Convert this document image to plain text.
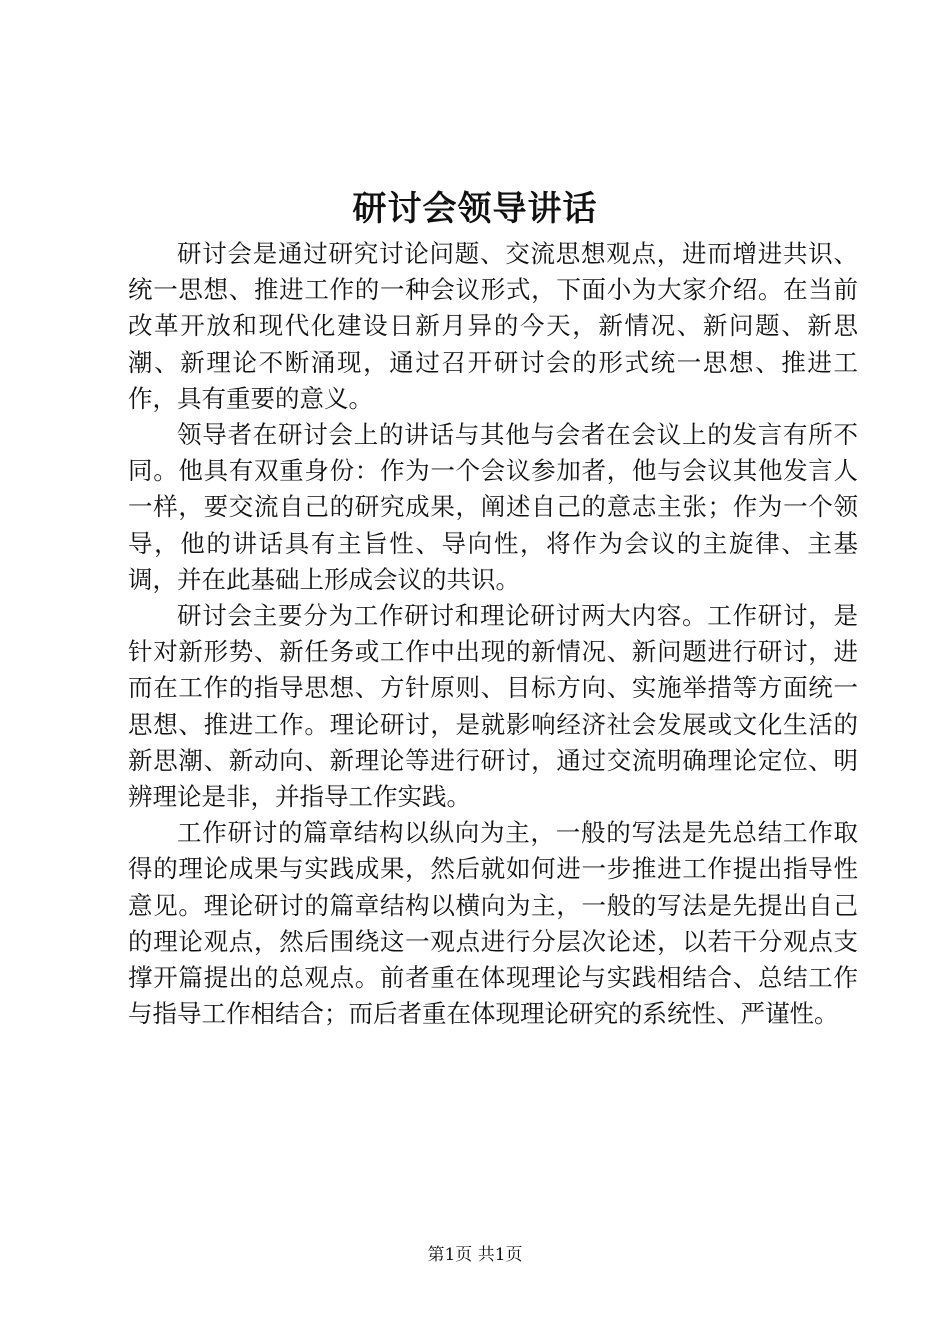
研讨会领导讲话

研讨会是通过研究讨论问题、交流思想观点，进而增进共识、统一思想、推进工作的一种会议形式，下面小为大家介绍。在当前改革开放和现代化建设日新月异的今天，新情况、新问题、新思潮、新理论不断涌现，通过召开研讨会的形式统一思想、推进工作，具有重要的意义。

领导者在研讨会上的讲话与其他与会者在会议上的发言有所不同。他具有双重身份：作为一个会议参加者，他与会议其他发言人一样，要交流自己的研究成果，阐述自己的意志主张；作为一个领导，他的讲话具有主旨性、导向性，将作为会议的主旋律、主基调，并在此基础上形成会议的共识。

研讨会主要分为工作研讨和理论研讨两大内容。工作研讨，是针对新形势、新任务或工作中出现的新情况、新问题进行研讨，进而在工作的指导思想、方针原则、目标方向、实施举措等方面统一思想、推进工作。理论研讨，是就影响经济社会发展或文化生活的新思潮、新动向、新理论等进行研讨，通过交流明确理论定位、明辨理论是非，并指导工作实践。

工作研讨的篇章结构以纵向为主，一般的写法是先总结工作取得的理论成果与实践成果，然后就如何进一步推进工作提出指导性意见。理论研讨的篇章结构以横向为主，一般的写法是先提出自己的理论观点，然后围绕这一观点进行分层次论述，以若干分观点支撑开篇提出的总观点。前者重在体现理论与实践相结合、总结工作与指导工作相结合；而后者重在体现理论研究的系统性、严谨性。

第1页 共1页
